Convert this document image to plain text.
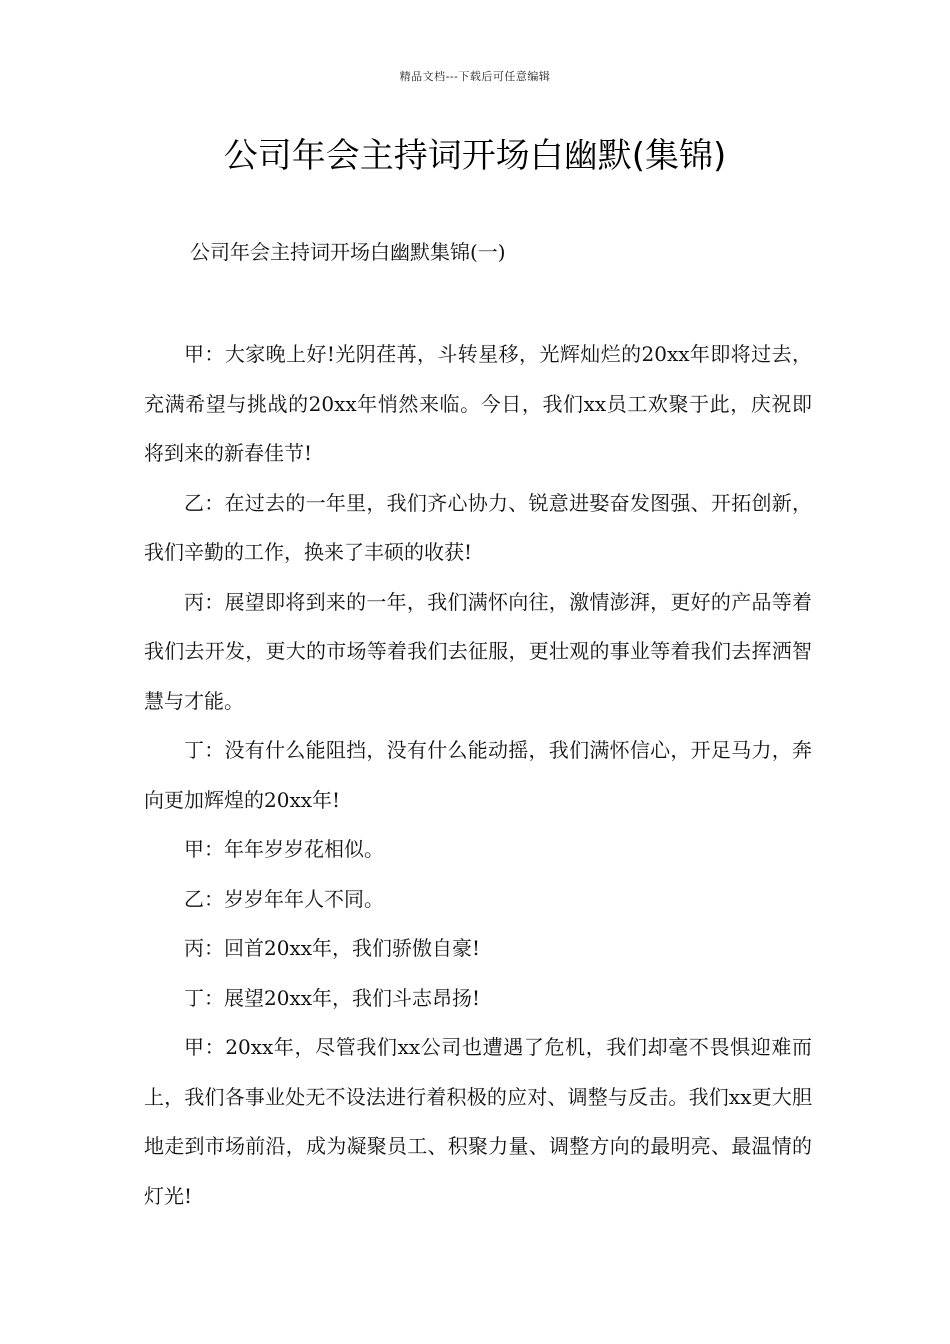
精品文档---下载后可任意编辑
公司年会主持词开场白幽默(集锦)
公司年会主持词开场白幽默集锦(一)

甲：大家晚上好!光阴荏苒，斗转星移，光辉灿烂的20xx年即将过去，充满希望与挑战的20xx年悄然来临。今日，我们xx员工欢聚于此，庆祝即将到来的新春佳节!

乙：在过去的一年里，我们齐心协力、锐意进娶奋发图强、开拓创新，我们辛勤的工作，换来了丰硕的收获!

丙：展望即将到来的一年，我们满怀向往，激情澎湃，更好的产品等着我们去开发，更大的市场等着我们去征服，更壮观的事业等着我们去挥洒智慧与才能。

丁：没有什么能阻挡，没有什么能动摇，我们满怀信心，开足马力，奔向更加辉煌的20xx年!

甲：年年岁岁花相似。

乙：岁岁年年人不同。

丙：回首20xx年，我们骄傲自豪!

丁：展望20xx年，我们斗志昂扬!

甲：20xx年，尽管我们xx公司也遭遇了危机，我们却毫不畏惧迎难而上，我们各事业处无不设法进行着积极的应对、调整与反击。我们xx更大胆地走到市场前沿，成为凝聚员工、积聚力量、调整方向的最明亮、最温情的灯光!
